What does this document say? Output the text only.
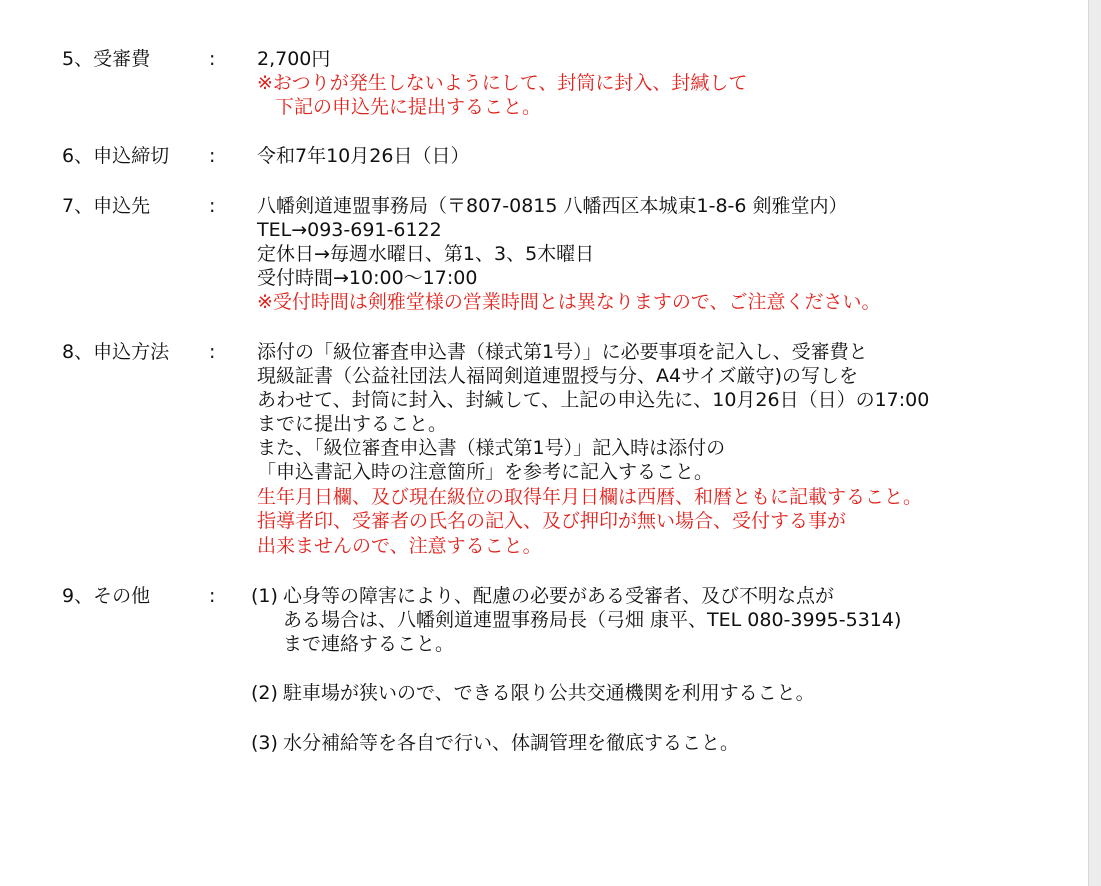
5、受審費	: 2,700円
※おつりが発生しないようにして、封筒に封入、封緘して
下記の申込先に提出すること。
6、申込締切 : 令和7年10月26日（日）
7、申込先	: 八幡剣道連盟事務局（〒807-0815 八幡西区本城東1-8-6 剣雅堂内）
TEL→093-691-6122
定休日→毎週水曜日、第1、3、5木曜日
受付時間→10:00～17:00
※受付時間は剣雅堂様の営業時間とは異なりますので、ご注意ください。
8、申込方法 : 添付の「級位審査申込書（様式第1号）」に必要事項を記入し、受審費と
現級証書（公益社団法人福岡剣道連盟授与分、A4サイズ厳守)の写しを
あわせて、封筒に封入、封緘して、上記の申込先に、10月26日（日）の17:00
までに提出すること。
また、「級位審査申込書（様式第1号）」記入時は添付の
「申込書記入時の注意箇所」を参考に記入すること。
生年月日欄、及び現在級位の取得年月日欄は西暦、和暦ともに記載すること。
指導者印、受審者の氏名の記入、及び押印が無い場合、受付する事が
出来ませんので、注意すること。
9、その他	: (1) 心身等の障害により、配慮の必要がある受審者、及び不明な点が
ある場合は、八幡剣道連盟事務局長（弓畑 康平、TEL 080-3995-5314)
まで連絡すること。
(2) 駐車場が狭いので、できる限り公共交通機関を利用すること。
(3) 水分補給等を各自で行い、体調管理を徹底すること。
